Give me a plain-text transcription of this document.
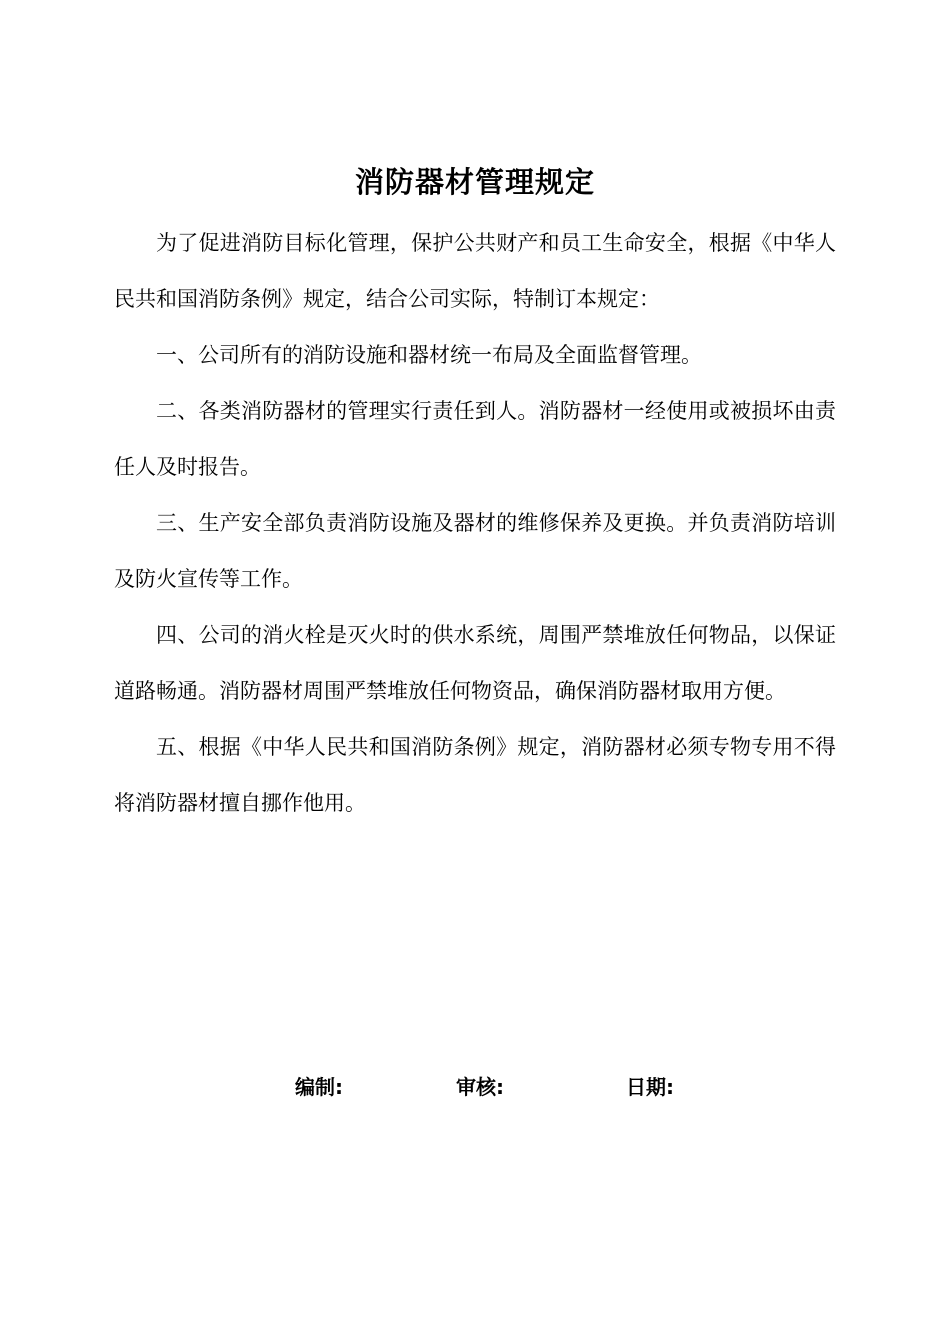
消防器材管理规定

为了促进消防目标化管理，保护公共财产和员工生命安全，根据《中华人民共和国消防条例》规定，结合公司实际，特制订本规定：

一、公司所有的消防设施和器材统一布局及全面监督管理。

二、各类消防器材的管理实行责任到人。消防器材一经使用或被损坏由责任人及时报告。

三、生产安全部负责消防设施及器材的维修保养及更换。并负责消防培训及防火宣传等工作。

四、公司的消火栓是灭火时的供水系统，周围严禁堆放任何物品，以保证道路畅通。消防器材周围严禁堆放任何物资品，确保消防器材取用方便。

五、根据《中华人民共和国消防条例》规定，消防器材必须专物专用不得将消防器材擅自挪作他用。

编制:	审核:	日期:
